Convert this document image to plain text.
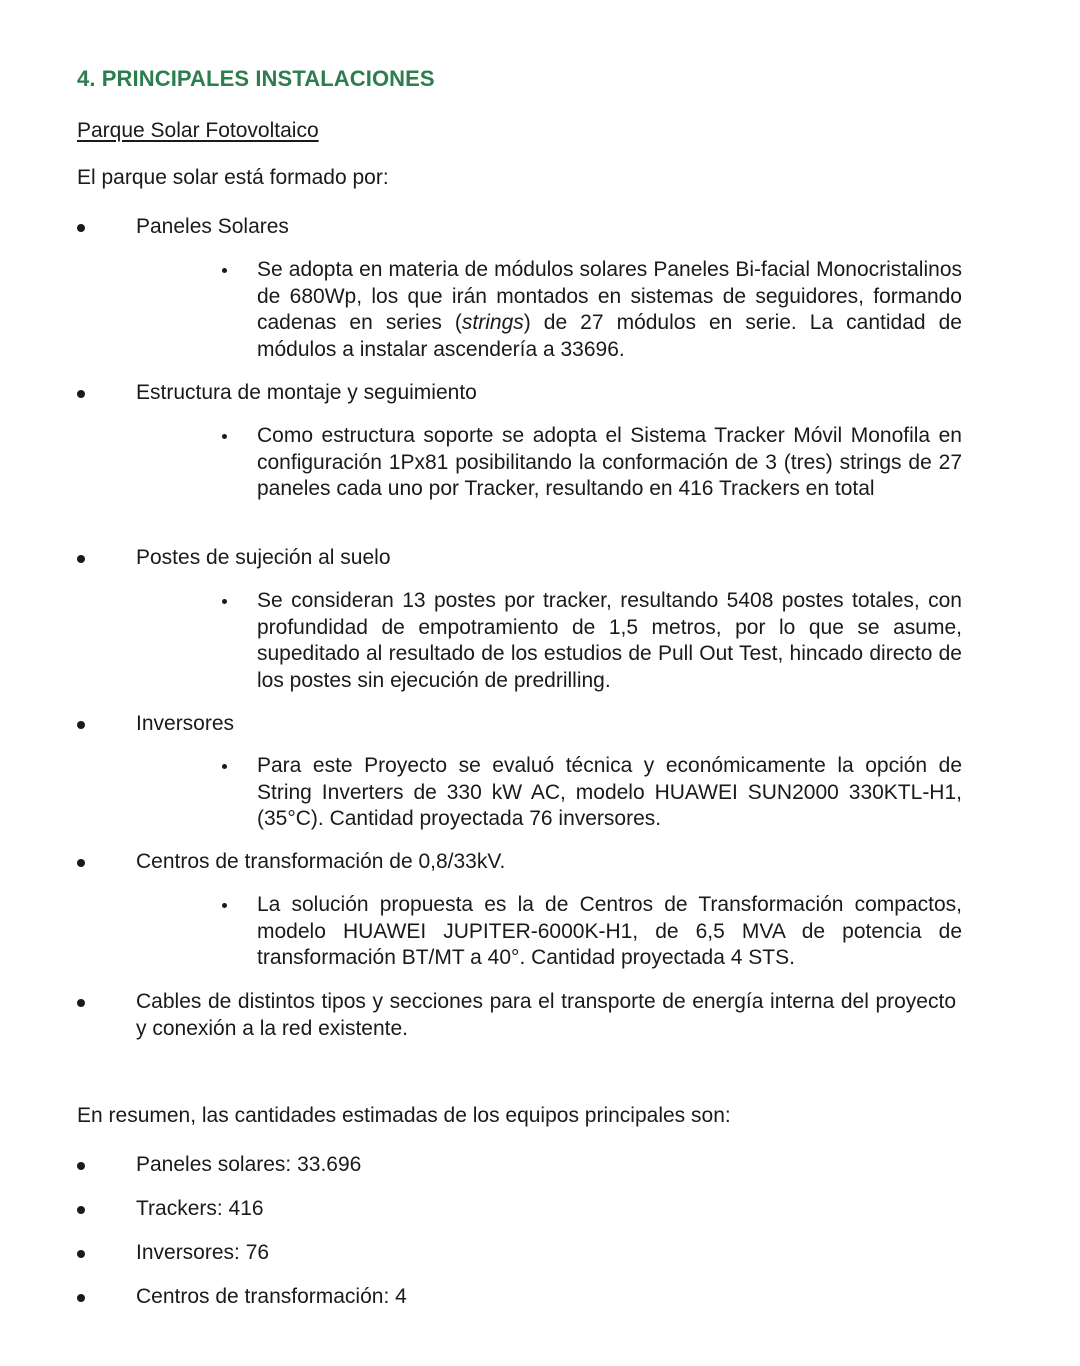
4. PRINCIPALES INSTALACIONES
Parque Solar Fotovoltaico
El parque solar está formado por:
Paneles Solares
Se adopta en materia de módulos solares Paneles Bi-facial Monocristalinos de 680Wp, los que irán montados en sistemas de seguidores, formando cadenas en series (strings) de 27 módulos en serie. La cantidad de módulos a instalar ascendería a 33696.
Estructura de montaje y seguimiento
Como estructura soporte se adopta el Sistema Tracker Móvil Monofila en configuración 1Px81 posibilitando la conformación de 3 (tres) strings de 27 paneles cada uno por Tracker, resultando en 416 Trackers en total
Postes de sujeción al suelo
Se consideran 13 postes por tracker, resultando 5408 postes totales, con profundidad de empotramiento de 1,5 metros, por lo que se asume, supeditado al resultado de los estudios de Pull Out Test, hincado directo de los postes sin ejecución de predrilling.
Inversores
Para este Proyecto se evaluó técnica y económicamente la opción de String Inverters de 330 kW AC, modelo HUAWEI SUN2000 330KTL-H1, (35°C). Cantidad proyectada 76 inversores.
Centros de transformación de 0,8/33kV.
La solución propuesta es la de Centros de Transformación compactos, modelo HUAWEI JUPITER-6000K-H1, de 6,5 MVA de potencia de transformación BT/MT a 40°. Cantidad proyectada 4 STS.
Cables de distintos tipos y secciones para el transporte de energía interna del proyecto y conexión a la red existente.
En resumen, las cantidades estimadas de los equipos principales son:
Paneles solares: 33.696
Trackers: 416
Inversores: 76
Centros de transformación: 4
